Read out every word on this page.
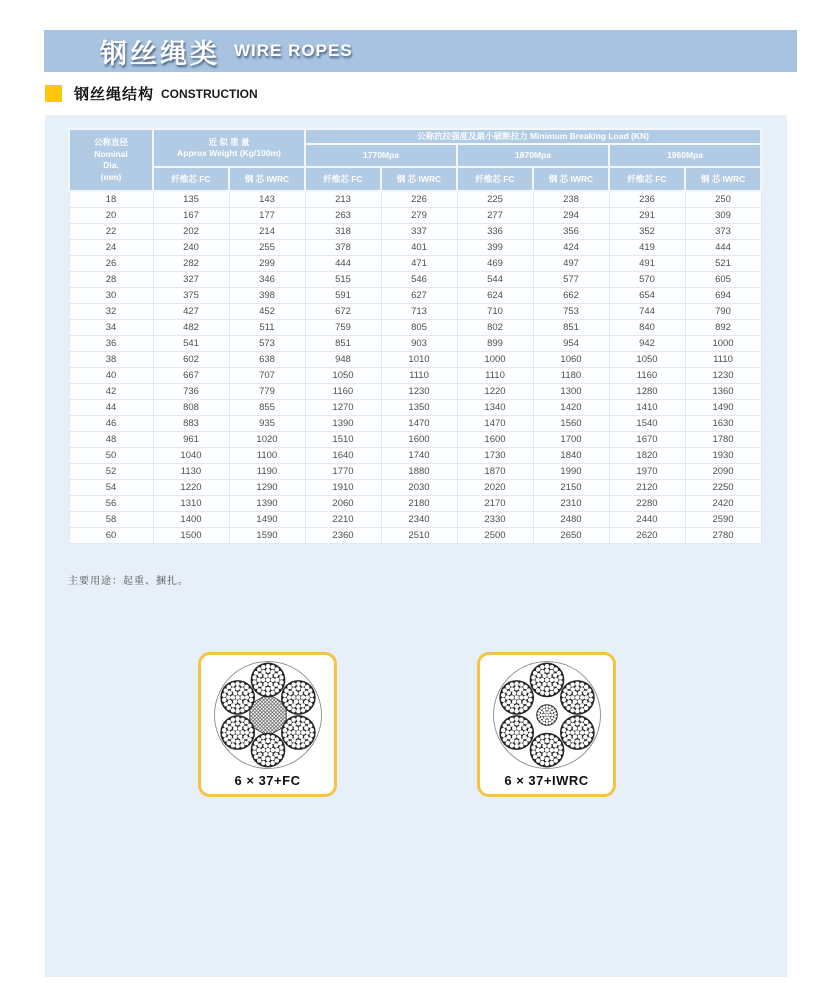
钢丝绳类 WIRE ROPES
钢丝绳结构 CONSTRUCTION
公称直径
Nominal
Dia.
(mm)

近 似 重 量
Approx Weight (Kg/100m)
	公称抗拉强度及最小破断拉力 Minimum Breaking Load (KN)
			1770Mpa		1870Mpa		1960Mpa	
	纤维芯 FC	钢 芯 IWRC	纤维芯 FC	钢 芯 IWRC	纤维芯 FC	钢 芯 IWRC	纤维芯 FC	钢 芯 IWRC
18	135	143	213	226	225	238	236	250
20	167	177	263	279	277	294	291	309
22	202	214	318	337	336	356	352	373
24	240	255	378	401	399	424	419	444
26	282	299	444	471	469	497	491	521
28	327	346	515	546	544	577	570	605
30	375	398	591	627	624	662	654	694
32	427	452	672	713	710	753	744	790
34	482	511	759	805	802	851	840	892
36	541	573	851	903	899	954	942	1000
38	602	638	948	1010	1000	1060	1050	1110
40	667	707	1050	1110	1110	1180	1160	1230
42	736	779	1160	1230	1220	1300	1280	1360
44	808	855	1270	1350	1340	1420	1410	1490
46	883	935	1390	1470	1470	1560	1540	1630
48	961	1020	1510	1600	1600	1700	1670	1780
50	1040	1100	1640	1740	1730	1840	1820	1930
52	1130	1190	1770	1880	1870	1990	1970	2090
54	1220	1290	1910	2030	2020	2150	2120	2250
56	1310	1390	2060	2180	2170	2310	2280	2420
58	1400	1490	2210	2340	2330	2480	2440	2590
60	1500	1590	2360	2510	2500	2650	2620	2780
主要用途：起重、捆扎。
6 × 37+FC	6 × 37+IWRC
